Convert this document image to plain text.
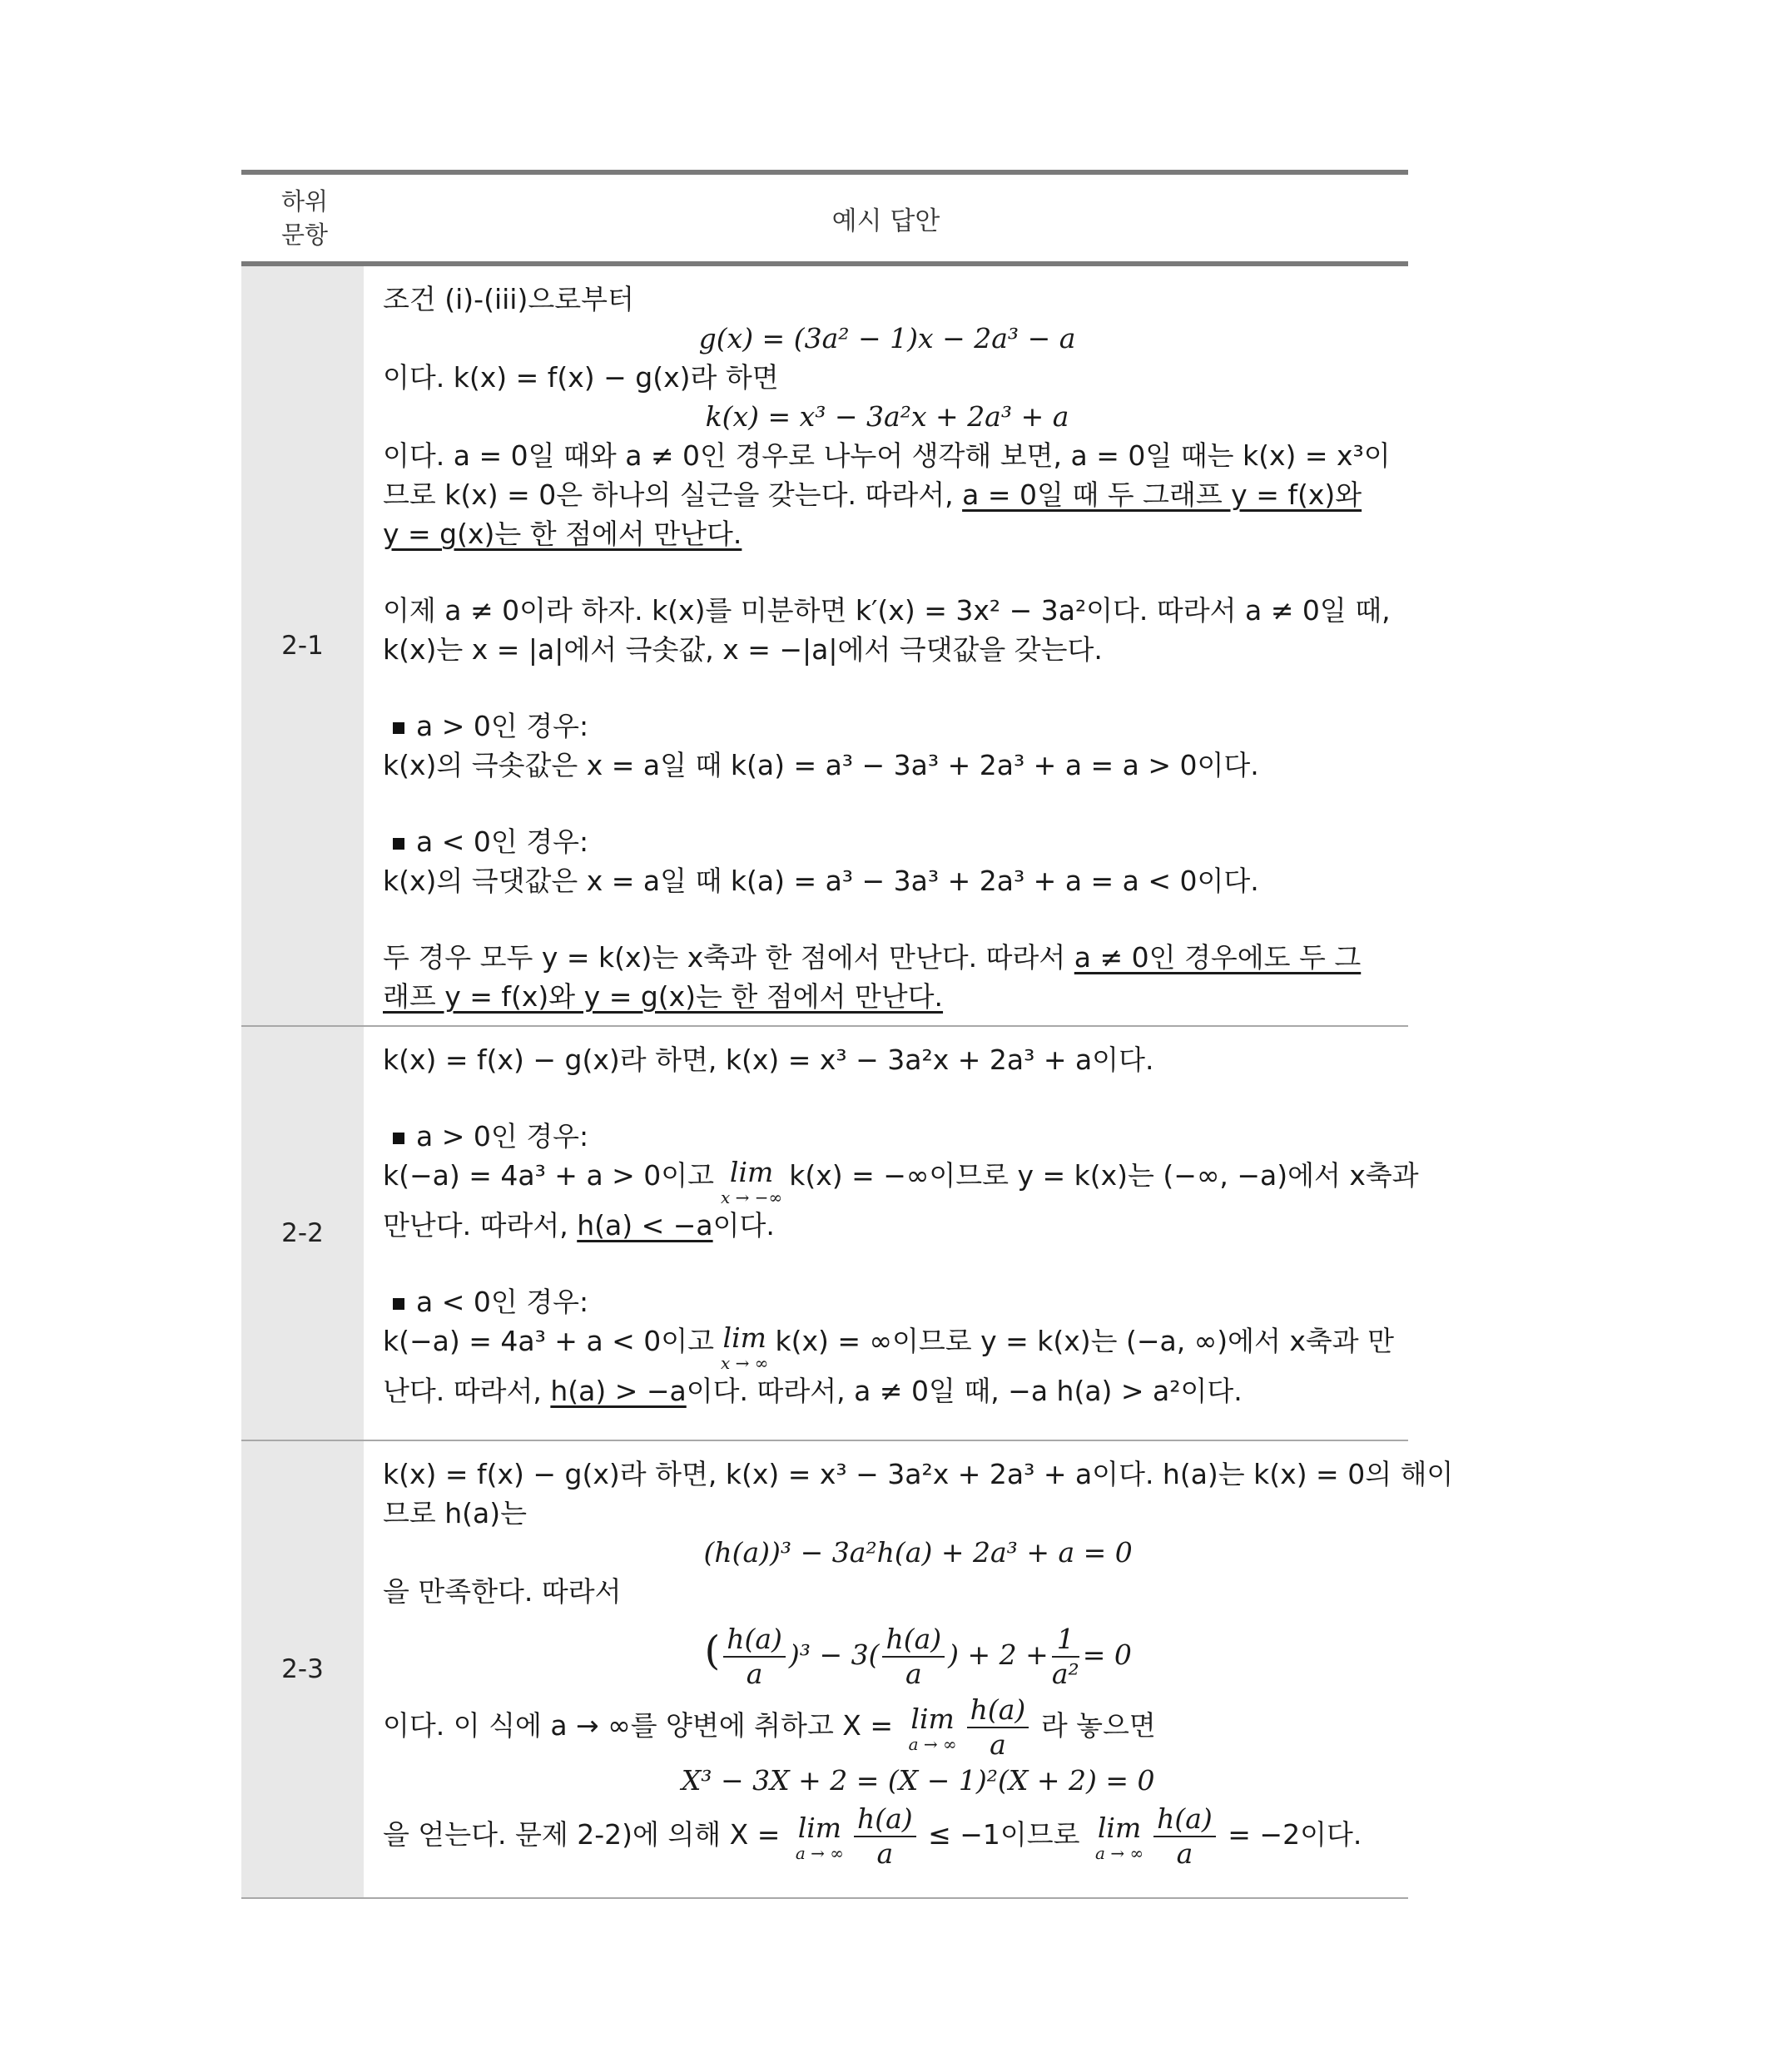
하위
문항	예시 답안
2-1

조건 (i)-(iii)으로부터

g(x) = (3a² − 1)x − 2a³ − a

이다. k(x) = f(x) − g(x)라 하면

k(x) = x³ − 3a²x + 2a³ + a

이다. a = 0일 때와 a ≠ 0인 경우로 나누어 생각해 보면, a = 0일 때는 k(x) = x³이

므로 k(x) = 0은 하나의 실근을 갖는다. 따라서, a = 0일 때 두 그래프 y = f(x)와

y = g(x)는 한 점에서 만난다.

이제 a ≠ 0이라 하자. k(x)를 미분하면 k′(x) = 3x² − 3a²이다. 따라서 a ≠ 0일 때,

k(x)는 x = |a|에서 극솟값, x = −|a|에서 극댓값을 갖는다.

a > 0인 경우:

k(x)의 극솟값은 x = a일 때 k(a) = a³ − 3a³ + 2a³ + a = a > 0이다.

a < 0인 경우:

k(x)의 극댓값은 x = a일 때 k(a) = a³ − 3a³ + 2a³ + a = a < 0이다.

두 경우 모두 y = k(x)는 x축과 한 점에서 만난다. 따라서 a ≠ 0인 경우에도 두 그

래프 y = f(x)와 y = g(x)는 한 점에서 만난다.

2-2

k(x) = f(x) − g(x)라 하면, k(x) = x³ − 3a²x + 2a³ + a이다.

a > 0인 경우:

k(−a) = 4a³ + a > 0이고 lim
x → −∞
k(x) = −∞이므로 y = k(x)는 (−∞, −a)에서 x축과

만난다. 따라서, h(a) < −a이다.

a < 0인 경우:

k(−a) = 4a³ + a < 0이고 lim
x → ∞
k(x) = ∞이므로 y = k(x)는 (−a, ∞)에서 x축과 만

난다. 따라서, h(a) > −a이다. 따라서, a ≠ 0일 때, −a h(a) > a²이다.

2-3

k(x) = f(x) − g(x)라 하면, k(x) = x³ − 3a²x + 2a³ + a이다. h(a)는 k(x) = 0의 해이

므로 h(a)는

(h(a))³ − 3a²h(a) + 2a³ + a = 0

을 만족한다. 따라서

( $\frac{h(a)}{a} )^3 - 3( \frac{h(a)}{a}$ ) + $2 + \frac{1}{\text{a²}} = 0$

이다. 이 식에 a → ∞를 양변에 취하고 X = lim
a → ∞ $\frac{h(a)}{a}$ 라 놓으면

X³ − 3X + 2 = (X − 1)²(X + 2) = 0

을 얻는다. 문제 2-2)에 의해 X = lim
a → ∞ $\frac{h(a)}{a} \le -1$이므로 lim
a → ∞ $\frac{h(a)}{a} = -2$이다.
